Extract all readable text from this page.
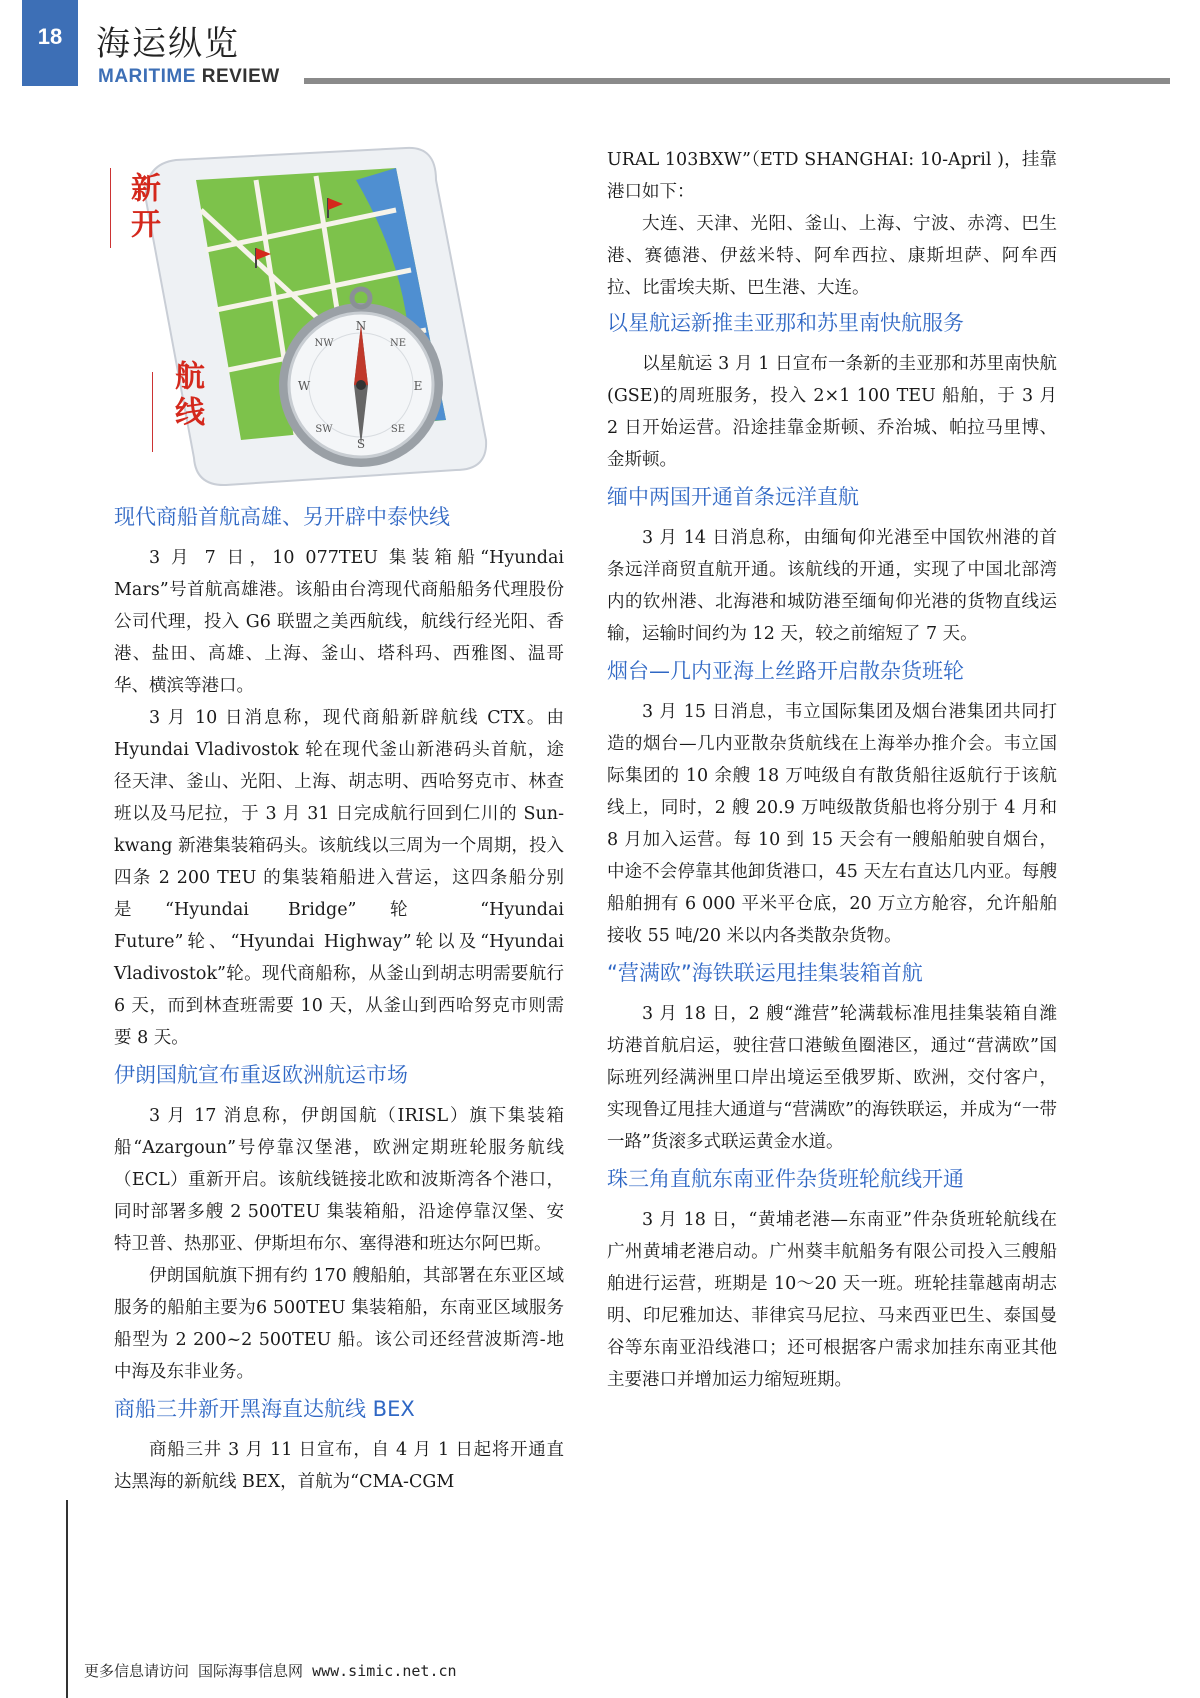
18 海运纵览
MARITIME REVIEW
N
NE
E
SE
S
SW
W
NW
新开
航线
现代商船首航高雄、另开辟中泰快线

3 月 7 日，10 077TEU 集装箱船“Hyundai Mars”号首航高雄港。该船由台湾现代商船船务代理股份公司代理，投入 G6 联盟之美西航线，航线行经光阳、香港、盐田、高雄、上海、釜山、塔科玛、西雅图、温哥华、横滨等港口。

3 月 10 日消息称，现代商船新辟航线 CTX。由 Hyundai Vladivostok 轮在现代釜山新港码头首航，途径天津、釜山、光阳、上海、胡志明、西哈努克市、林查班以及马尼拉，于 3 月 31 日完成航行回到仁川的 Sun-kwang 新港集装箱码头。该航线以三周为一个周期，投入四条 2 200 TEU 的集装箱船进入营运，这四条船分别是“Hyundai Bridge”轮 “Hyundai Future”轮、“Hyundai Highway”轮以及“Hyundai Vladivostok”轮。现代商船称，从釜山到胡志明需要航行 6 天，而到林查班需要 10 天，从釜山到西哈努克市则需要 8 天。

伊朗国航宣布重返欧洲航运市场

3 月 17 消息称，伊朗国航（IRISL）旗下集装箱船“Azargoun”号停靠汉堡港，欧洲定期班轮服务航线（ECL）重新开启。该航线链接北欧和波斯湾各个港口，同时部署多艘 2 500TEU 集装箱船，沿途停靠汉堡、安特卫普、热那亚、伊斯坦布尔、塞得港和班达尔阿巴斯。

伊朗国航旗下拥有约 170 艘船舶，其部署在东亚区域服务的船舶主要为6 500TEU 集装箱船，东南亚区域服务船型为 2 200~2 500TEU 船。该公司还经营波斯湾-地中海及东非业务。

商船三井新开黑海直达航线 BEX

商船三井 3 月 11 日宣布，自 4 月 1 日起将开通直达黑海的新航线 BEX，首航为“CMA-CGM

URAL 103BXW”（ETD SHANGHAI: 10-April )，挂靠港口如下：

大连、天津、光阳、釜山、上海、宁波、赤湾、巴生港、赛德港、伊兹米特、阿牟西拉、康斯坦萨、阿牟西拉、比雷埃夫斯、巴生港、大连。

以星航运新推圭亚那和苏里南快航服务

以星航运 3 月 1 日宣布一条新的圭亚那和苏里南快航(GSE)的周班服务，投入 2×1 100 TEU 船舶，于 3 月 2 日开始运营。沿途挂靠金斯顿、乔治城、帕拉马里博、金斯顿。

缅中两国开通首条远洋直航

3 月 14 日消息称，由缅甸仰光港至中国钦州港的首条远洋商贸直航开通。该航线的开通，实现了中国北部湾内的钦州港、北海港和城防港至缅甸仰光港的货物直线运输，运输时间约为 12 天，较之前缩短了 7 天。

烟台—几内亚海上丝路开启散杂货班轮

3 月 15 日消息，韦立国际集团及烟台港集团共同打造的烟台—几内亚散杂货航线在上海举办推介会。韦立国际集团的 10 余艘 18 万吨级自有散货船往返航行于该航线上，同时，2 艘 20.9 万吨级散货船也将分别于 4 月和 8 月加入运营。每 10 到 15 天会有一艘船舶驶自烟台，中途不会停靠其他卸货港口，45 天左右直达几内亚。每艘船舶拥有 6 000 平米平仓底，20 万立方舱容，允许船舶接收 55 吨/20 米以内各类散杂货物。

“营满欧”海铁联运甩挂集装箱首航

3 月 18 日，2 艘“潍营”轮满载标准甩挂集装箱自潍坊港首航启运，驶往营口港鲅鱼圈港区，通过“营满欧”国际班列经满洲里口岸出境运至俄罗斯、欧洲，交付客户，实现鲁辽甩挂大通道与“营满欧”的海铁联运，并成为“一带一路”货滚多式联运黄金水道。

珠三角直航东南亚件杂货班轮航线开通

3 月 18 日，“黄埔老港—东南亚”件杂货班轮航线在广州黄埔老港启动。广州葵丰航船务有限公司投入三艘船舶进行运营，班期是 10～20 天一班。班轮挂靠越南胡志明、印尼雅加达、菲律宾马尼拉、马来西亚巴生、泰国曼谷等东南亚沿线港口；还可根据客户需求加挂东南亚其他主要港口并增加运力缩短班期。

更多信息请访问 国际海事信息网 www.simic.net.cn
